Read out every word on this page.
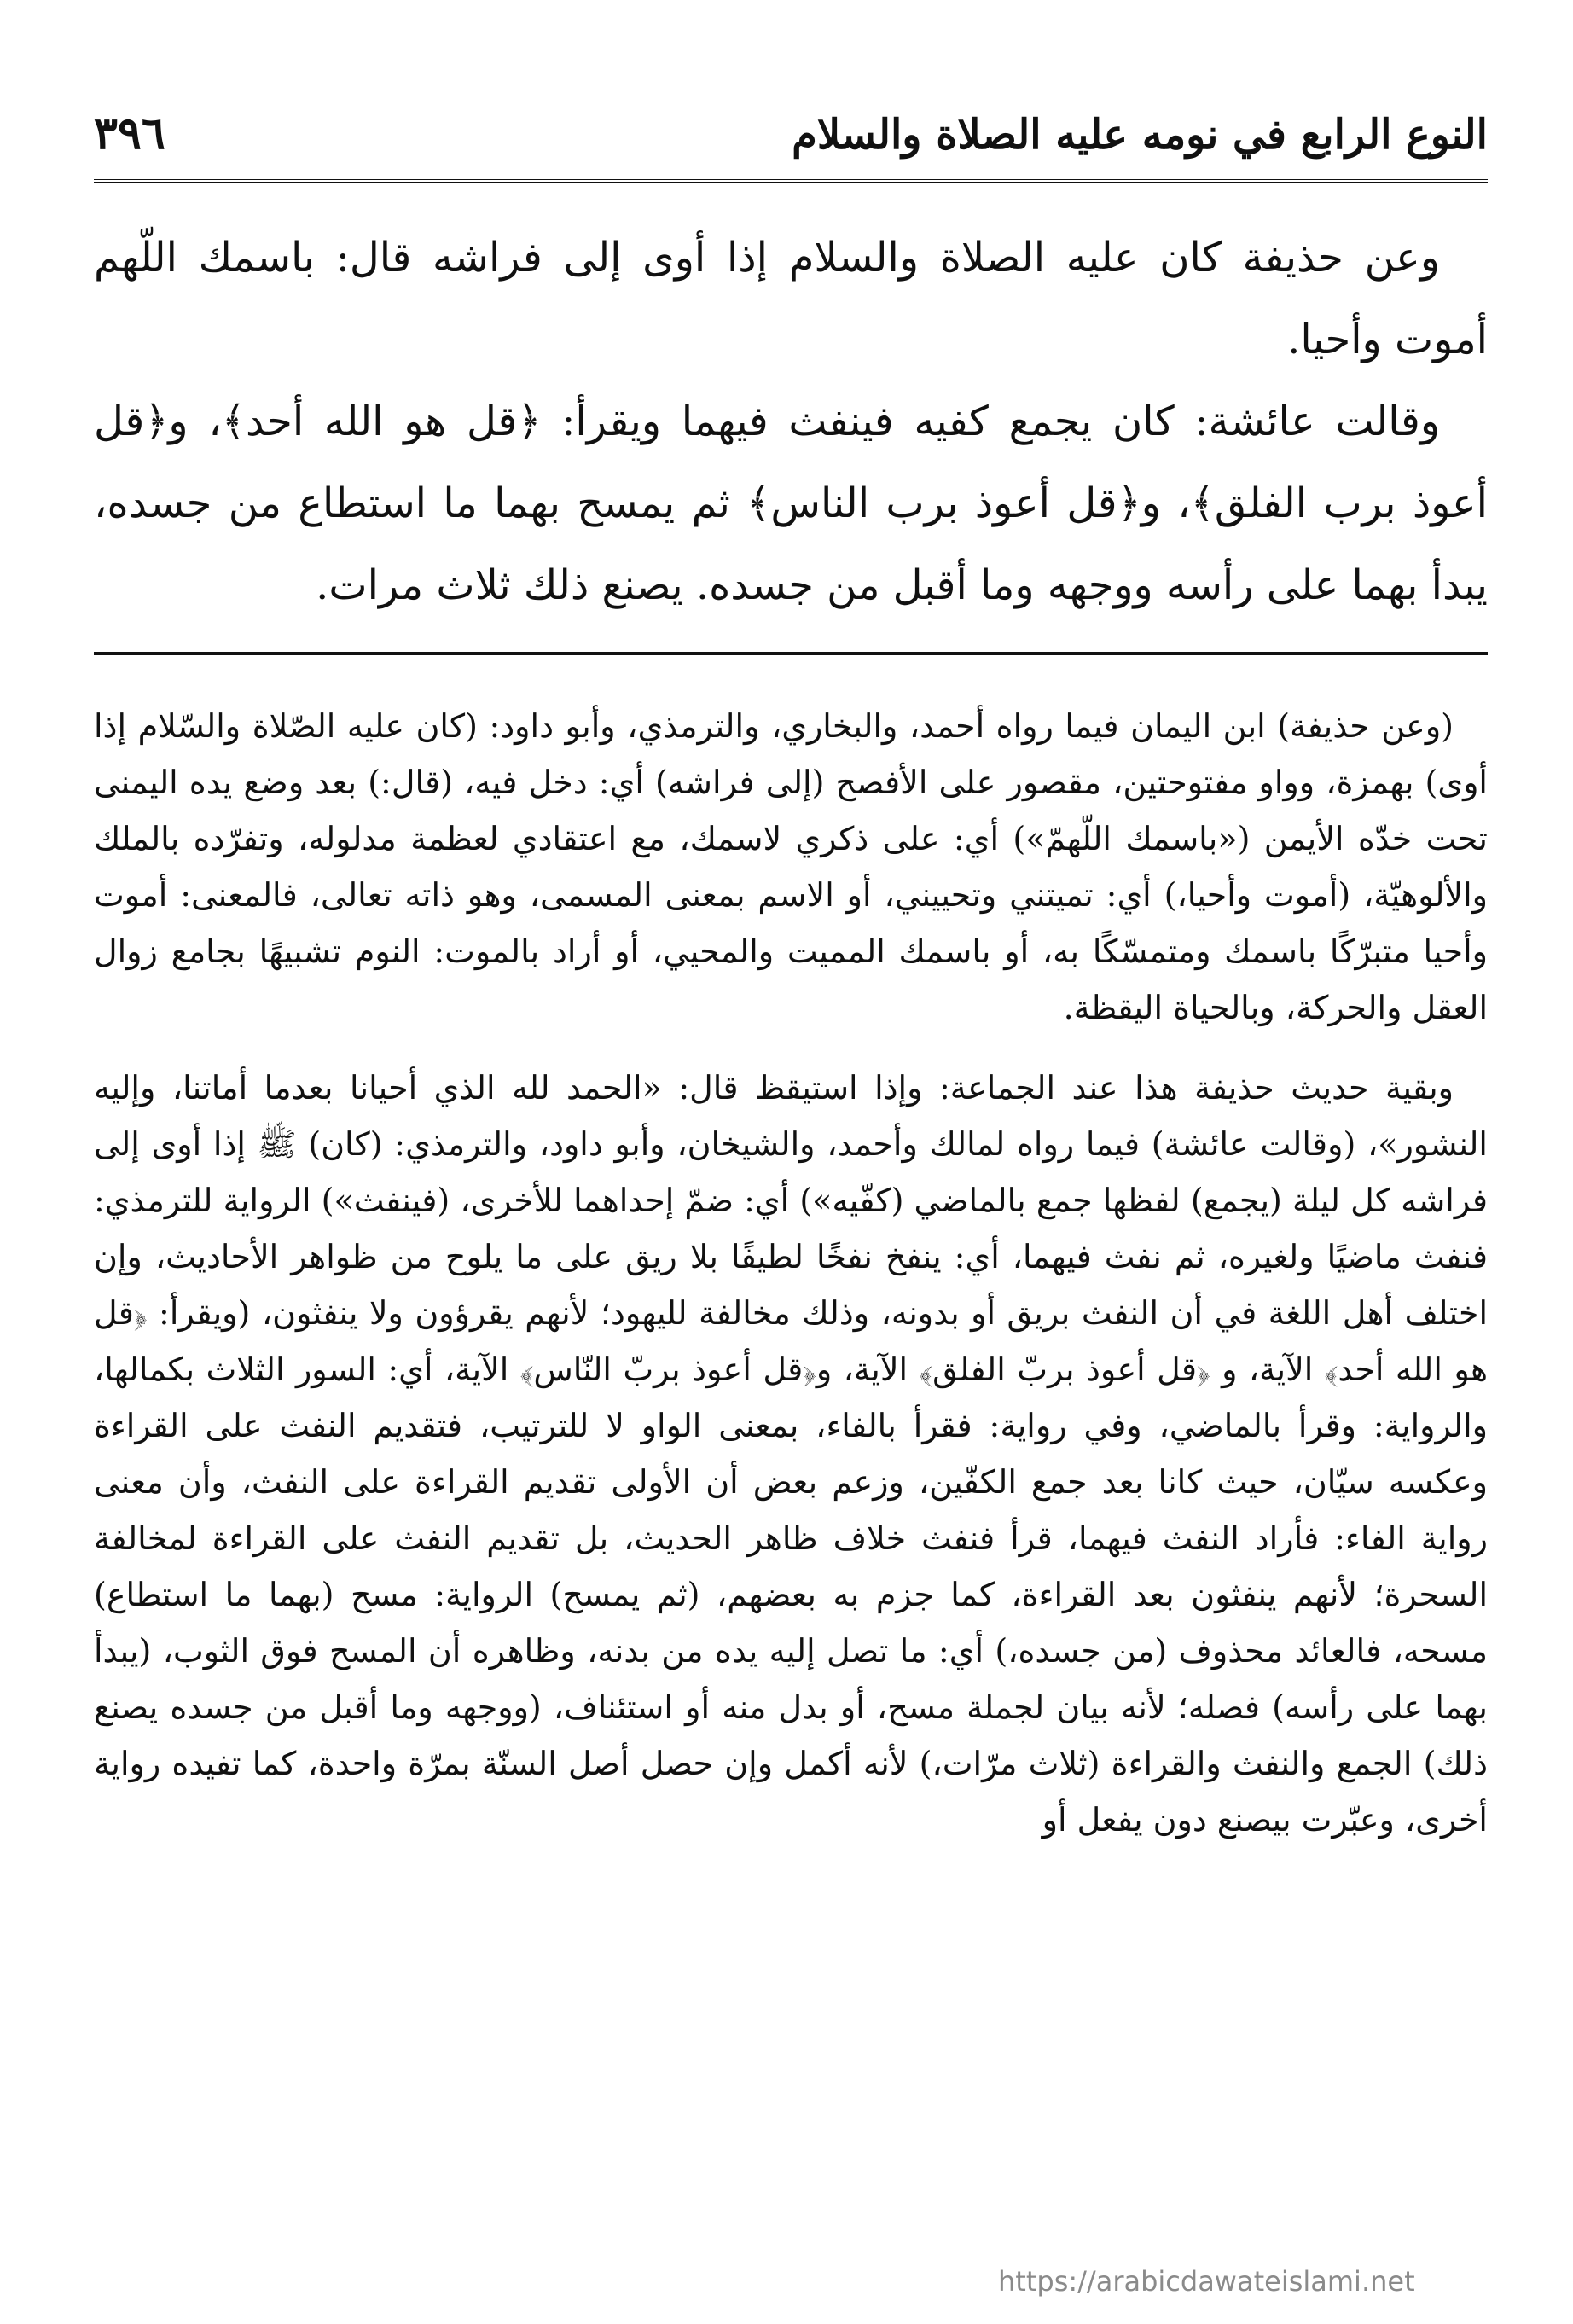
النوع الرابع في نومه عليه الصلاة والسلام
٣٩٦

وعن حذيفة كان عليه الصلاة والسلام إذا أوى إلى فراشه قال: باسمك اللّهم أموت وأحيا.

وقالت عائشة: كان يجمع كفيه فينفث فيهما ويقرأ: ﴿قل هو الله أحد﴾، و﴿قل أعوذ برب الفلق﴾، و﴿قل أعوذ برب الناس﴾ ثم يمسح بهما ما استطاع من جسده، يبدأ بهما على رأسه ووجهه وما أقبل من جسده. يصنع ذلك ثلاث مرات.

(وعن حذيفة) ابن اليمان فيما رواه أحمد، والبخاري، والترمذي، وأبو داود: (كان عليه الصّلاة والسّلام إذا أوى) بهمزة، وواو مفتوحتين، مقصور على الأفصح (إلى فراشه) أي: دخل فيه، (قال:) بعد وضع يده اليمنى تحت خدّه الأيمن («باسمك اللّهمّ») أي: على ذكري لاسمك، مع اعتقادي لعظمة مدلوله، وتفرّده بالملك والألوهيّة، (أموت وأحيا،) أي: تميتني وتحييني، أو الاسم بمعنى المسمى، وهو ذاته تعالى، فالمعنى: أموت وأحيا متبرّكًا باسمك ومتمسّكًا به، أو باسمك المميت والمحيي، أو أراد بالموت: النوم تشبيهًا بجامع زوال العقل والحركة، وبالحياة اليقظة.

وبقية حديث حذيفة هذا عند الجماعة: وإذا استيقظ قال: «الحمد لله الذي أحيانا بعدما أماتنا، وإليه النشور»، (وقالت عائشة) فيما رواه لمالك وأحمد، والشيخان، وأبو داود، والترمذي: (كان) ﷺ إذا أوى إلى فراشه كل ليلة (يجمع) لفظها جمع بالماضي (كفّيه») أي: ضمّ إحداهما للأخرى، (فينفث») الرواية للترمذي: فنفث ماضيًا ولغيره، ثم نفث فيهما، أي: ينفخ نفخًا لطيفًا بلا ريق على ما يلوح من ظواهر الأحاديث، وإن اختلف أهل اللغة في أن النفث بريق أو بدونه، وذلك مخالفة لليهود؛ لأنهم يقرؤون ولا ينفثون، (ويقرأ: ﴿قل هو الله أحد﴾ الآية، و ﴿قل أعوذ بربّ الفلق﴾ الآية، و﴿قل أعوذ بربّ النّاس﴾ الآية، أي: السور الثلاث بكمالها، والرواية: وقرأ بالماضي، وفي رواية: فقرأ بالفاء، بمعنى الواو لا للترتيب، فتقديم النفث على القراءة وعكسه سيّان، حيث كانا بعد جمع الكفّين، وزعم بعض أن الأولى تقديم القراءة على النفث، وأن معنى رواية الفاء: فأراد النفث فيهما، قرأ فنفث خلاف ظاهر الحديث، بل تقديم النفث على القراءة لمخالفة السحرة؛ لأنهم ينفثون بعد القراءة، كما جزم به بعضهم، (ثم يمسح) الرواية: مسح (بهما ما استطاع) مسحه، فالعائد محذوف (من جسده،) أي: ما تصل إليه يده من بدنه، وظاهره أن المسح فوق الثوب، (يبدأ بهما على رأسه) فصله؛ لأنه بيان لجملة مسح، أو بدل منه أو استئناف، (ووجهه وما أقبل من جسده يصنع ذلك) الجمع والنفث والقراءة (ثلاث مرّات،) لأنه أكمل وإن حصل أصل السنّة بمرّة واحدة، كما تفيده رواية أخرى، وعبّرت بيصنع دون يفعل أو

https://arabicdawateislami.net
